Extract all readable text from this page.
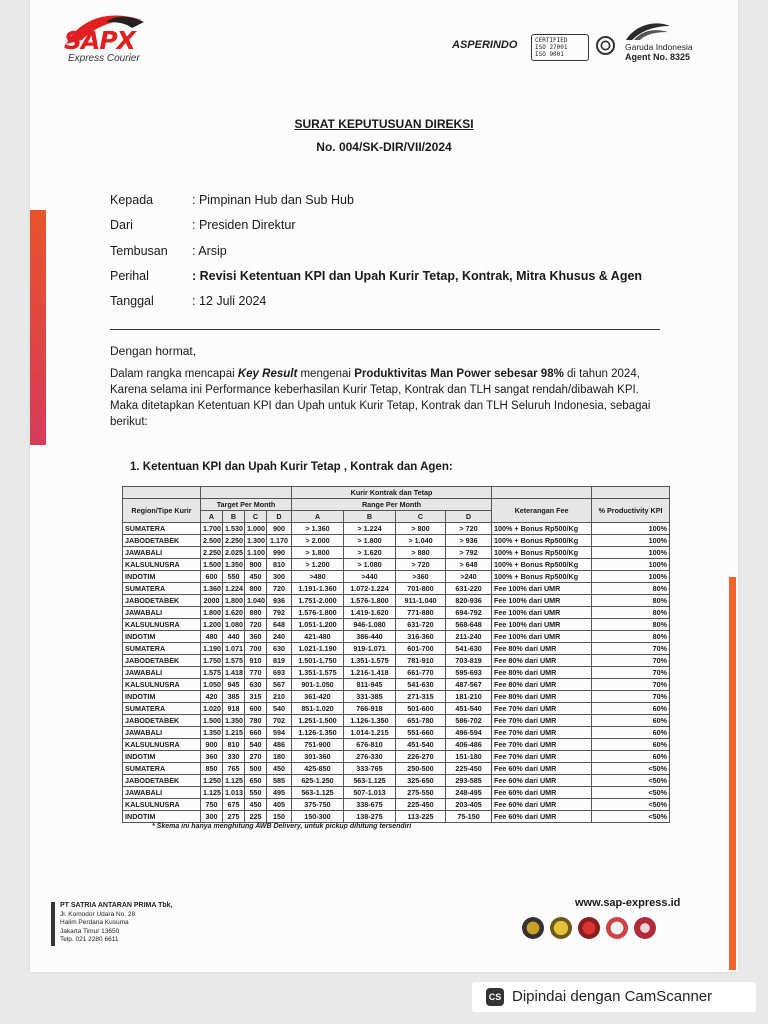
SAPX
Express Courier
ASPERINDO	CERTIFIED
ISO 27001
ISO 9001
Garuda Indonesia
Agent No. 8325
SURAT KEPUTUSUAN DIREKSI
No. 004/SK-DIR/VII/2024
Kepada	: Pimpinan Hub dan Sub Hub
Dari	: Presiden Direktur
Tembusan	: Arsip
Perihal	: Revisi Ketentuan KPI dan Upah Kurir Tetap, Kontrak, Mitra Khusus & Agen
Tanggal	: 12 Juli 2024
Dengan hormat,
Dalam rangka mencapai Key Result mengenai Produktivitas Man Power sebesar 98% di tahun 2024,
Karena selama ini Performance keberhasilan Kurir Tetap, Kontrak dan TLH sangat rendah/dibawah KPI.
Maka ditetapkan Ketentuan KPI dan Upah untuk Kurir Tetap, Kontrak dan TLH Seluruh Indonesia, sebagai berikut:
1. Ketentuan KPI dan Upah Kurir Tetap , Kontrak dan Agen:
					Kurir Kontrak dan Tetap					
Region/Tipe Kurir	Target Per Month				Range Per Month				Keterangan Fee	% Productivity KPI
	A	B	C	D	A	B	C	D		
SUMATERA	1.700	1.530	1.000	900	> 1.360	> 1.224	> 800	> 720	100% + Bonus Rp500/Kg	100%
JABODETABEK	2.500	2.250	1.300	1.170	> 2.000	> 1.800	> 1.040	> 936	100% + Bonus Rp500/Kg	100%
JAWABALI	2.250	2.025	1.100	990	> 1.800	> 1.620	> 880	> 792	100% + Bonus Rp500/Kg	100%
KALSULNUSRA	1.500	1.350	900	810	> 1.200	> 1.080	> 720	> 648	100% + Bonus Rp500/Kg	100%
INDOTIM	600	550	450	300	>480	>440	>360	>240	100% + Bonus Rp500/Kg	100%
SUMATERA	1.360	1.224	800	720	1.191-1.360	1.072-1.224	701-800	631-220	Fee 100% dari UMR	80%
JABODETABEK	2000	1.800	1.040	936	1.751-2.000	1.576-1.800	911-1.040	820-936	Fee 100% dari UMR	80%
JAWABALI	1.800	1.620	880	792	1.576-1.800	1.419-1.620	771-880	694-792	Fee 100% dari UMR	80%
KALSULNUSRA	1.200	1.080	720	648	1.051-1.200	946-1.080	631-720	568-648	Fee 100% dari UMR	80%
INDOTIM	480	440	360	240	421-480	386-440	316-360	211-240	Fee 100% dari UMR	80%
SUMATERA	1.190	1.071	700	630	1.021-1.190	919-1.071	601-700	541-630	Fee 80% dari UMR	70%
JABODETABEK	1.750	1.575	910	819	1.501-1.750	1.351-1.575	781-910	703-819	Fee 80% dari UMR	70%
JAWABALI	1.575	1.418	770	693	1.351-1.575	1.216-1.418	661-770	595-693	Fee 80% dari UMR	70%
KALSULNUSRA	1.050	945	630	567	901-1.050	811-945	541-630	487-567	Fee 80% dari UMR	70%
INDOTIM	420	385	315	210	361-420	331-385	271-315	181-210	Fee 80% dari UMR	70%
SUMATERA	1.020	918	600	540	851-1.020	766-918	501-600	451-540	Fee 70% dari UMR	60%
JABODETABEK	1.500	1.350	780	702	1.251-1.500	1.126-1.350	651-780	586-702	Fee 70% dari UMR	60%
JAWABALI	1.350	1.215	660	594	1.126-1.350	1.014-1.215	551-660	496-594	Fee 70% dari UMR	60%
KALSULNUSRA	900	810	540	486	751-900	676-810	451-540	406-486	Fee 70% dari UMR	60%
INDOTIM	360	330	270	180	301-360	276-330	226-270	151-180	Fee 70% dari UMR	60%
SUMATERA	850	765	500	450	425-850	333-765	250-500	225-450	Fee 60% dari UMR	<50%
JABODETABEK	1.250	1.125	650	585	625-1.250	563-1.125	325-650	293-585	Fee 60% dari UMR	<50%
JAWABALI	1.125	1.013	550	495	563-1.125	507-1.013	275-550	248-495	Fee 60% dari UMR	<50%
KALSULNUSRA	750	675	450	405	375-750	338-675	225-450	203-405	Fee 60% dari UMR	<50%
INDOTIM	300	275	225	150	150-300	138-275	113-225	75-150	Fee 60% dari UMR	<50%
* Skema ini hanya menghitung AWB Delivery, untuk pickup dihitung tersendiri
PT SATRIA ANTARAN PRIMA Tbk,
Jl. Komodor Udara No. 28
Halim Perdana Kusuma
Jakarta Timur 13650
Telp. 021 2280 6611
www.sap-express.id
CS Dipindai dengan CamScanner
